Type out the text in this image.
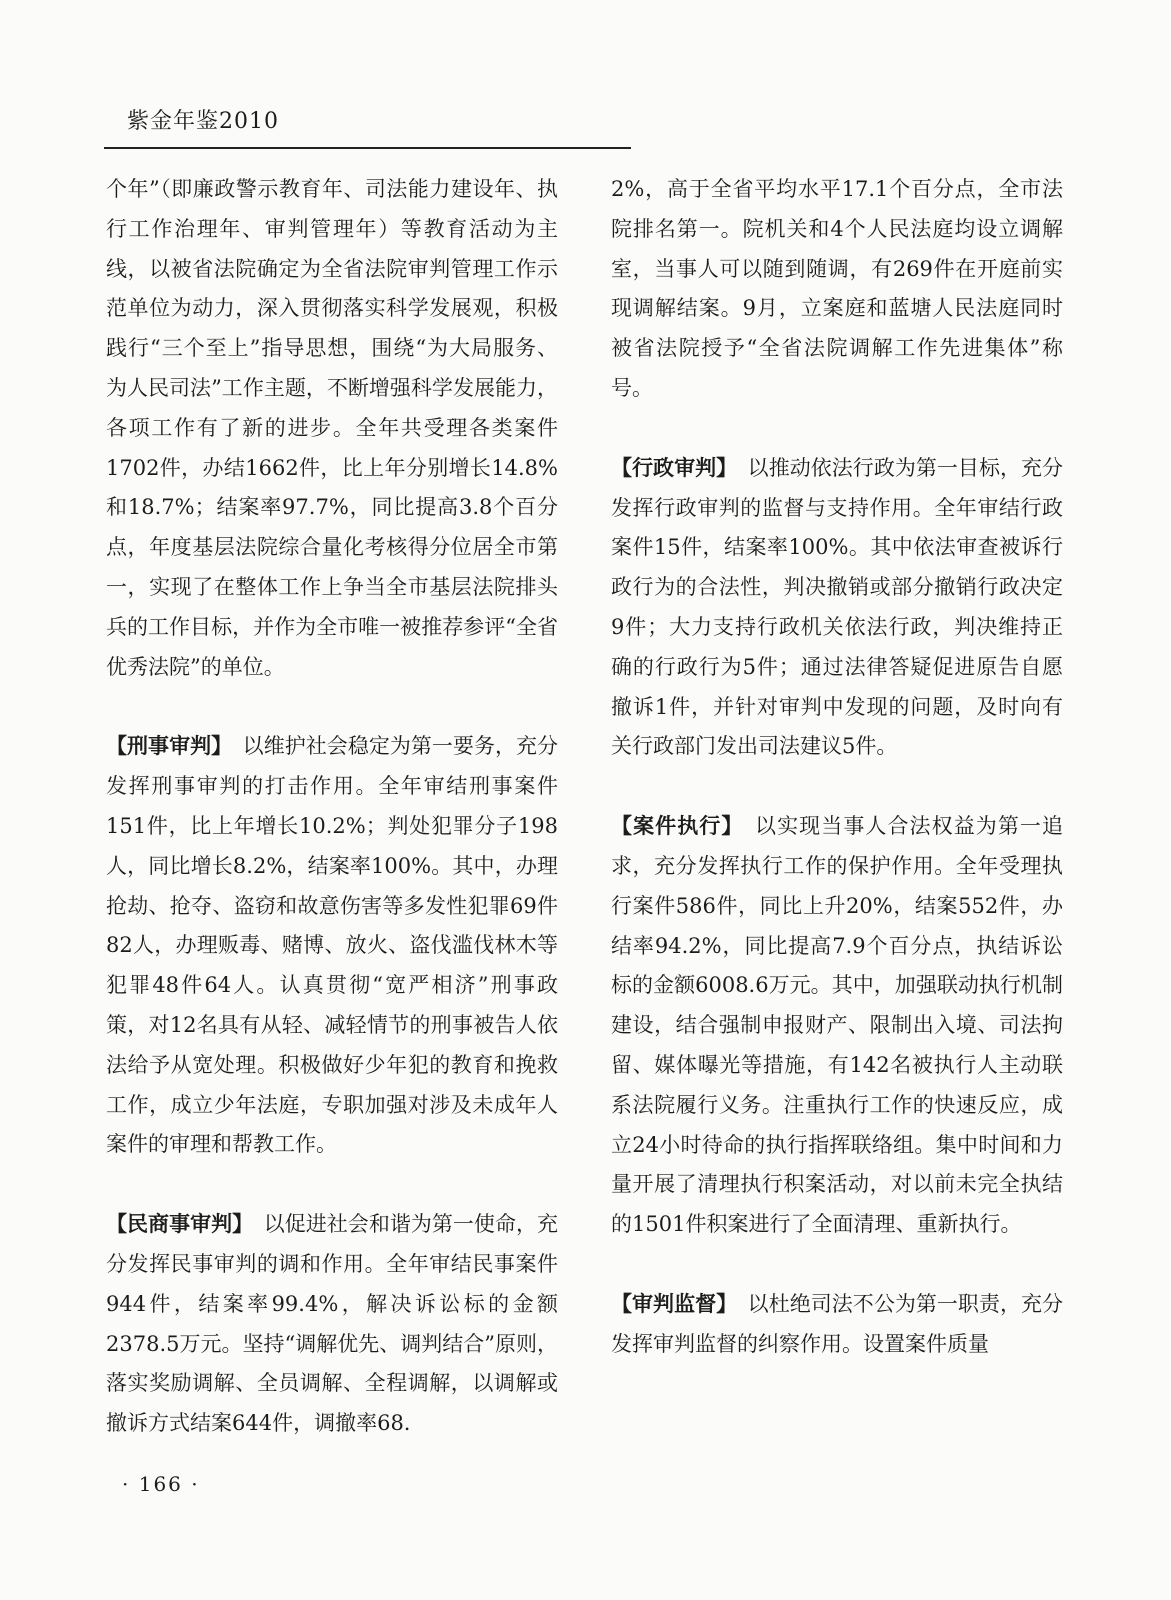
紫金年鉴2010

个年”（即廉政警示教育年、司法能力建设年、执行工作治理年、审判管理年）等教育活动为主线，以被省法院确定为全省法院审判管理工作示范单位为动力，深入贯彻落实科学发展观，积极践行“三个至上”指导思想，围绕“为大局服务、为人民司法”工作主题，不断增强科学发展能力，各项工作有了新的进步。全年共受理各类案件1702件，办结1662件，比上年分别增长14.8%和18.7%；结案率97.7%，同比提高3.8个百分点，年度基层法院综合量化考核得分位居全市第一，实现了在整体工作上争当全市基层法院排头兵的工作目标，并作为全市唯一被推荐参评“全省优秀法院”的单位。

【刑事审判】  以维护社会稳定为第一要务，充分发挥刑事审判的打击作用。全年审结刑事案件151件，比上年增长10.2%；判处犯罪分子198人，同比增长8.2%，结案率100%。其中，办理抢劫、抢夺、盗窃和故意伤害等多发性犯罪69件82人，办理贩毒、赌博、放火、盗伐滥伐林木等犯罪48件64人。认真贯彻“宽严相济”刑事政策，对12名具有从轻、减轻情节的刑事被告人依法给予从宽处理。积极做好少年犯的教育和挽救工作，成立少年法庭，专职加强对涉及未成年人案件的审理和帮教工作。

【民商事审判】  以促进社会和谐为第一使命，充分发挥民事审判的调和作用。全年审结民事案件944件，结案率99.4%，解决诉讼标的金额2378.5万元。坚持“调解优先、调判结合”原则，落实奖励调解、全员调解、全程调解，以调解或撤诉方式结案644件，调撤率68.

2%，高于全省平均水平17.1个百分点，全市法院排名第一。院机关和4个人民法庭均设立调解室，当事人可以随到随调，有269件在开庭前实现调解结案。9月，立案庭和蓝塘人民法庭同时被省法院授予“全省法院调解工作先进集体”称号。

【行政审判】  以推动依法行政为第一目标，充分发挥行政审判的监督与支持作用。全年审结行政案件15件，结案率100%。其中依法审查被诉行政行为的合法性，判决撤销或部分撤销行政决定9件；大力支持行政机关依法行政，判决维持正确的行政行为5件；通过法律答疑促进原告自愿撤诉1件，并针对审判中发现的问题，及时向有关行政部门发出司法建议5件。

【案件执行】  以实现当事人合法权益为第一追求，充分发挥执行工作的保护作用。全年受理执行案件586件，同比上升20%，结案552件，办结率94.2%，同比提高7.9个百分点，执结诉讼标的金额6008.6万元。其中，加强联动执行机制建设，结合强制申报财产、限制出入境、司法拘留、媒体曝光等措施，有142名被执行人主动联系法院履行义务。注重执行工作的快速反应，成立24小时待命的执行指挥联络组。集中时间和力量开展了清理执行积案活动，对以前未完全执结的1501件积案进行了全面清理、重新执行。

【审判监督】  以杜绝司法不公为第一职责，充分发挥审判监督的纠察作用。设置案件质量

· 166 ·
